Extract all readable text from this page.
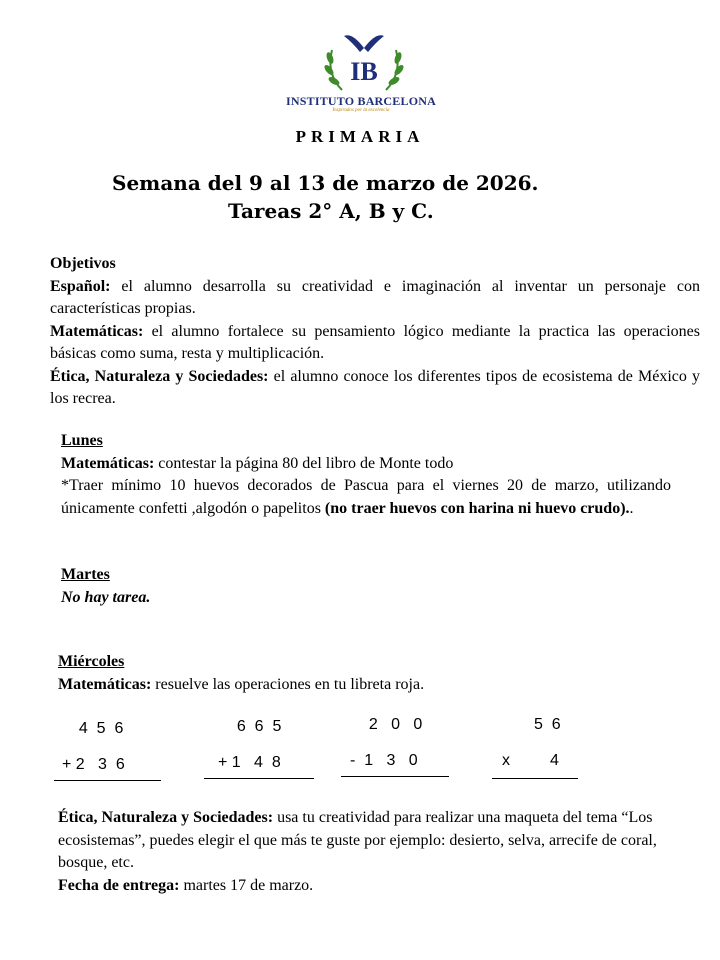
IB
INSTITUTO BARCELONA
Inspirados por la excelencia
PRIMARIA
Semana del 9 al 13 de marzo de 2026.
Tareas 2° A, B y C.
Objetivos
Español: el alumno desarrolla su creatividad e imaginación al inventar un personaje con características propias.
Matemáticas: el alumno fortalece su pensamiento lógico mediante la practica las operaciones básicas como suma, resta y multiplicación.
Ética, Naturaleza y Sociedades: el alumno conoce los diferentes tipos de ecosistema de México y los recrea.
Lunes
Matemáticas: contestar la página 80 del libro de Monte todo
*Traer mínimo 10 huevos decorados de Pascua para el viernes 20 de marzo, utilizando únicamente confetti ,algodón o papelitos (no traer huevos con harina ni huevo crudo)..
Martes
No hay tarea.
Miércoles
Matemáticas: resuelve las operaciones en tu libreta roja.
4  5  6
+ 2   3  6
6  6  5
+ 1   4  8
2   0   0
-  1   3   0
5  6
x         4
Ética, Naturaleza y Sociedades: usa tu creatividad para realizar una maqueta del tema “Los ecosistemas”, puedes elegir el que más te guste por ejemplo: desierto, selva, arrecife de coral, bosque, etc.
Fecha de entrega: martes 17 de marzo.
